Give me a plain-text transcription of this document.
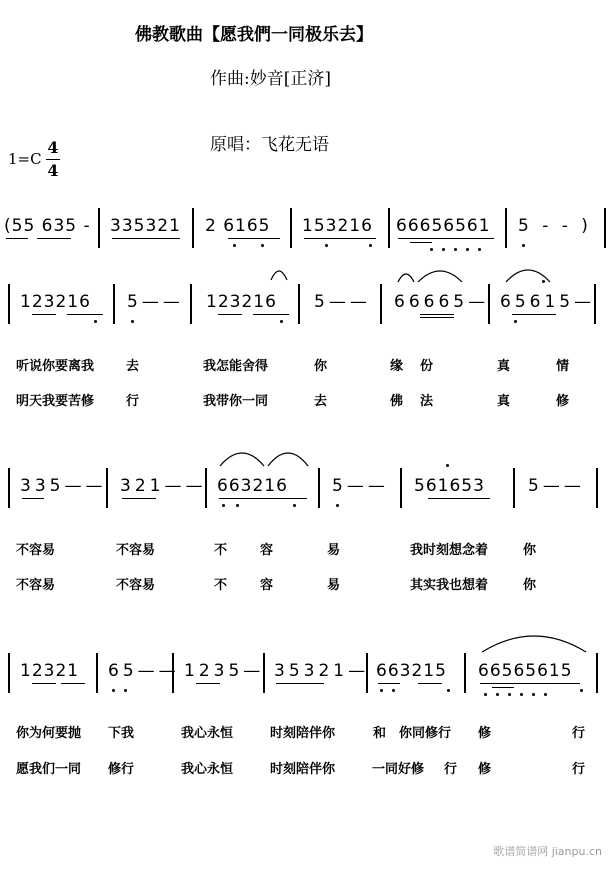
佛教歌曲【愿我們一同极乐去】
作曲:妙音[正济]
1=C
4
4
原唱：飞花无语
(55 635 - 335321 2 6165 153216 66656561 5 - - )
123216 5—— 123216 5—— 66665— 65615—
听说你要离我 去	我怎能舍得	你	缘 份	真	情
明天我要苦修 行	我带你一同	去	佛 法	真	修
335—— 321—— 663216	5—— 561653	5——
不容易	不容易	不	容	易	我时刻想念着	你
不容易	不容易	不	容	易	其实我也想着	你
12321 65—— 1235— 35321— 663215 66565615
你为何要抛 下我	我心永恒	时刻陪伴你	和 你同修行 修	行
愿我们一同 修行	我心永恒	时刻陪伴你	一同好修 行 修	行
歌谱简谱网 jianpu.cn
